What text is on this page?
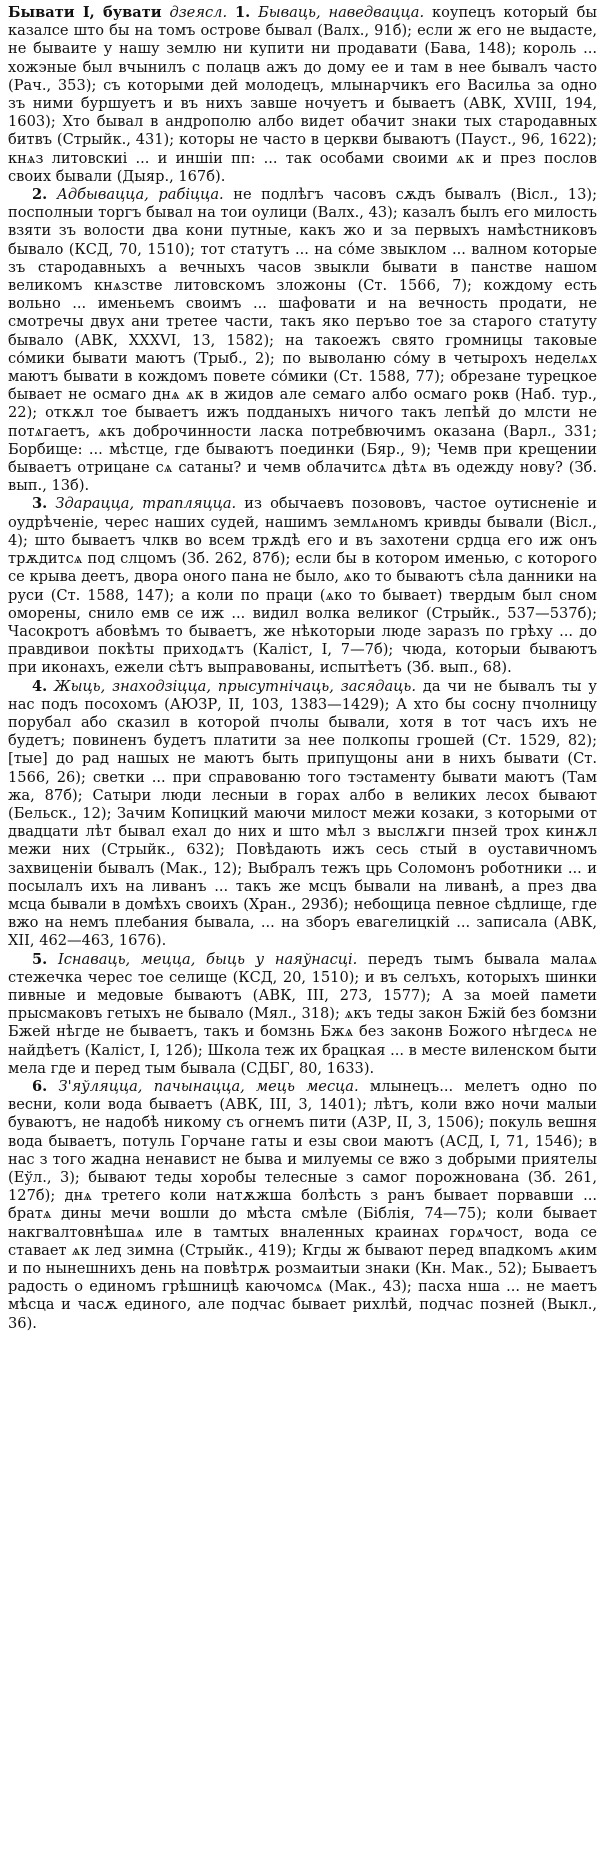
Бывати I, бувати дзеясл. 1. Бываць, наведвацца. коупецъ который бы казалсе што бы на томъ острове бывал (Валх., 91б); если ж его не выдасте, не бываите у нашу землю ни купити ни продавати (Бава, 148); король ... хожэные был вчынилъ с полацв ажъ до дому ее и там в нее бывалъ часто (Рач., 353); съ которыми дей молодецъ, млынарчикъ его Васильа за одно зъ ними буршуетъ и въ нихъ завше ночуетъ и бываетъ (АВК, XVIII, 194, 1603); Хто бывал в андрополю албо видет обачит знаки тых стародавных битвъ (Стрыйк., 431); которы не часто в церкви бываютъ (Пауст., 96, 1622); кнѧз литовскиі ... и иншіи пп: ... так особами своими ѧк и през послов своих бывали (Дыяр., 167б).

2. Адбывацца, рабіцца. не подлѣгъ часовъ сѫдъ бывалъ (Вісл., 13); посполныи торгъ бывал на тои оулици (Валх., 43); казалъ былъ его милость взяти зъ волости два кони путные, какъ жо и за первыхъ намѣстниковъ бывало (КСД, 70, 1510); тот статутъ ... на со́ме звыклом ... валном которые зъ стародавныхъ а вечныхъ часов звыкли бывати в панстве нашом великомъ кнѧзстве литовскомъ зложоны (Ст. 1566, 7); кождому есть вольно ... именьемъ своимъ ... шафовати и на вечность продати, не смотречы двух ани третее части, такъ яко перъво тое за старого статуту бывало (АВК, XXXVI, 13, 1582); на такоежъ свято громницы таковые со́мики бывати маютъ (Трыб., 2); по выволаню со́му в четырохъ неделѧх маютъ бывати в кождомъ повете со́мики (Ст. 1588, 77); обрезане турецкое бывает не осмаго днѧ ѧк в жидов але семаго албо осмаго рокв (Наб. тур., 22); откѫл тое бываетъ ижъ подданыхъ ничого такъ лепѣй до млсти не потѧгаетъ, ѧкъ доброчинности ласка потребвючимъ оказана (Варл., 331; Борбище: ... мѣстце, где бываютъ поединки (Бяр., 9); Чемв при крещении бываетъ отрицане сѧ сатаны? и чемв облачитсѧ дѣтѧ въ одежду нову? (Зб. вып., 13б).

3. Здарацца, трапляцца. из обычаевъ позововъ, частое оутисненіе и оудрѣченіе, черес наших судей, нашимъ землѧномъ кривды бывали (Вісл., 4); што бываетъ члкв во всем трѫдѣ его и въ захотени срдца его иж онъ трѫдитсѧ под слцомъ (Зб. 262, 87б); если бы в котором именью, с которого се крыва деетъ, двора оного пана не было, ѧко то бываютъ сѣла данники на руси (Ст. 1588, 147); а коли по праци (ѧко то бывает) твердым был сном оморены, снило емв се иж ... видил волка великог (Стрыйк., 537—537б); Часокротъ абовѣмъ то бываетъ, же нѣкоторыи люде заразъ по грѣху ... до правдивои покѣты приходѧтъ (Каліст, I, 7—7б); чюда, которыи бываютъ при иконахъ, ежели сѣтъ выправованы, испытѣетъ (Зб. вып., 68).

4. Жыць, знаходзіцца, прысутнічаць, засядаць. да чи не бывалъ ты у нас подъ посохомъ (АЮЗР, II, 103, 1383—1429); А хто бы сосну пчолницу порубал або сказил в которой пчолы бывали, хотя в тот часъ ихъ не будетъ; повиненъ будетъ платити за нее полкопы грошей (Ст. 1529, 82); [тые] до рад нашых не маютъ быть припущоны ани в нихъ бывати (Ст. 1566, 26); светки ... при справованю того тэстаменту бывати маютъ (Там жа, 87б); Сатыри люди лесныи в горах албо в великих лесох бывают (Бельск., 12); Зачим Копицкий маючи милост межи козаки, з которыми от двадцати лѣт бывал ехал до них и што мѣл з выслѫги пнзей трох кинѫл межи них (Стрыйк., 632); Повѣдають ижъ сесь стый в оуставичномъ захвиценіи бывалъ (Мак., 12); Выбралъ тежъ црь Соломонъ роботники ... и посылалъ ихъ на ливанъ ... такъ же мсцъ бывали на ливанѣ, а през два мсца бывали в домѣхъ своихъ (Хран., 293б); небощица певное сѣдлище, где вжо на немъ плебания бывала, ... на зборъ евагелицкій ... записала (АВК, XII, 462—463, 1676).

5. Існаваць, мецца, быць у наяўнасці. передъ тымъ бывала малаѧ стежечка черес тое селище (КСД, 20, 1510); и въ селъхъ, которыхъ шинки пивные и медовые бываютъ (АВК, III, 273, 1577); А за моей памети прысмаковъ гетыхъ не бывало (Мял., 318); ѧкъ теды закон Бжій без бомзни Бжей нѣгде не бываетъ, такъ и бомзнь Бжѧ без законв Божого нѣгдесѧ не найдѣетъ (Каліст, I, 12б); Школа теж их брацкая ... в месте виленском быти мела где и перед тым бывала (СДБГ, 80, 1633).

6. З'яўляцца, пачынацца, мець месца. млынецъ... мелетъ одно по весни, коли вода бываетъ (АВК, III, 3, 1401); лѣтъ, коли вжо ночи малыи буваютъ, не надобѣ никому съ огнемъ пити (АЗР, II, 3, 1506); покуль вешня вода бываетъ, потуль Горчане гаты и езы свои маютъ (АСД, I, 71, 1546); в нас з того жадна ненавист не быва и милуемы се вжо з добрыми приятелы (Еўл., 3); бывают теды хоробы телесные з самог порожнована (Зб. 261, 127б); днѧ третего коли натѫжша болѣсть з ранъ бывает порвавши ... братѧ дины мечи вошли до мѣста смѣле (Біблія, 74—75); коли бывает накгвалтовнѣшаѧ иле в тамтых вналенных краинах горѧчост, вода се ставает ѧк лед зимна (Стрыйк., 419); Кгды ж бывают перед впадкомъ ѧким и по нынешнихъ день на повѣтрѫ розмаитыи знаки (Кн. Мак., 52); Бываетъ радость о единомъ грѣшницѣ каючомсѧ (Мак., 43); пасха нша ... не маетъ мѣсца и часѫ единого, але подчас бывает рихлѣй, подчас позней (Выкл., 36).
